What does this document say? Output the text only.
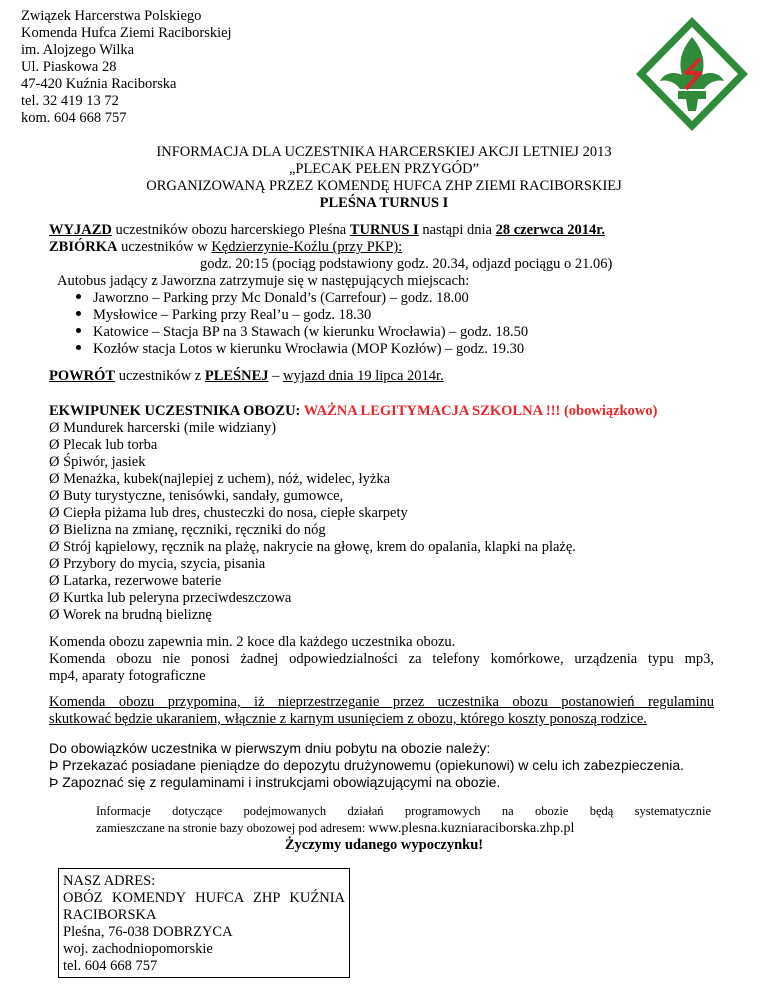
Związek Harcerstwa Polskiego
Komenda Hufca Ziemi Raciborskiej
im. Alojzego Wilka
Ul. Piaskowa 28
47-420 Kuźnia Raciborska
tel. 32 419 13 72
kom. 604 668 757
INFORMACJA DLA UCZESTNIKA HARCERSKIEJ AKCJI LETNIEJ 2013
„PLECAK PEŁEN PRZYGÓD”
ORGANIZOWANĄ PRZEZ KOMENDĘ HUFCA ZHP ZIEMI RACIBORSKIEJ
PLEŚNA TURNUS I
WYJAZD uczestników obozu harcerskiego Pleśna TURNUS I nastąpi dnia 28 czerwca 2014r.
ZBIÓRKA uczestników w Kędzierzynie-Koźlu (przy PKP):
godz. 20:15 (pociąg podstawiony godz. 20.34, odjazd pociągu o 21.06)
Autobus jadący z Jaworzna zatrzymuje się w następujących miejscach:
Jaworzno – Parking przy Mc Donald’s (Carrefour) – godz. 18.00
Mysłowice – Parking przy Real’u – godz. 18.30
Katowice – Stacja BP na 3 Stawach (w kierunku Wrocławia) – godz. 18.50
Kozłów stacja Lotos w kierunku Wrocławia (MOP Kozłów) – godz. 19.30
POWRÓT uczestników z PLEŚNEJ – wyjazd dnia 19 lipca 2014r.
EKWIPUNEK UCZESTNIKA OBOZU: WAŻNA LEGITYMACJA SZKOLNA !!! (obowiązkowo)
Ø Mundurek harcerski (mile widziany)
Ø Plecak lub torba
Ø Śpiwór, jasiek
Ø Menażka, kubek(najlepiej z uchem), nóż, widelec, łyżka
Ø Buty turystyczne, tenisówki, sandały, gumowce,
Ø Ciepła piżama lub dres, chusteczki do nosa, ciepłe skarpety
Ø Bielizna na zmianę, ręczniki, ręczniki do nóg
Ø Strój kąpielowy, ręcznik na plażę, nakrycie na głowę, krem do opalania, klapki na plażę.
Ø Przybory do mycia, szycia, pisania
Ø Latarka, rezerwowe baterie
Ø Kurtka lub peleryna przeciwdeszczowa
Ø Worek na brudną bieliznę
Komenda obozu zapewnia min. 2 koce dla każdego uczestnika obozu.
Komenda obozu nie ponosi żadnej odpowiedzialności za telefony komórkowe, urządzenia typu mp3,
mp4, aparaty fotograficzne
Komenda obozu przypomina, iż nieprzestrzeganie przez uczestnika obozu postanowień regulaminu
skutkować będzie ukaraniem, włącznie z karnym usunięciem z obozu, którego koszty ponoszą rodzice.
Do obowiązków uczestnika w pierwszym dniu pobytu na obozie należy:
Þ Przekazać posiadane pieniądze do depozytu drużynowemu (opiekunowi) w celu ich zabezpieczenia.
Þ Zapoznać się z regulaminami i instrukcjami obowiązującymi na obozie.
Informacje dotyczące podejmowanych działań programowych na obozie będą systematycznie
zamieszczane na stronie bazy obozowej pod adresem: www.plesna.kuzniaraciborska.zhp.pl
Życzymy udanego wypoczynku!
NASZ ADRES:
OBÓZ KOMENDY HUFCA ZHP KUŹNIA
RACIBORSKA
Pleśna, 76-038 DOBRZYCA
woj. zachodniopomorskie
tel. 604 668 757
